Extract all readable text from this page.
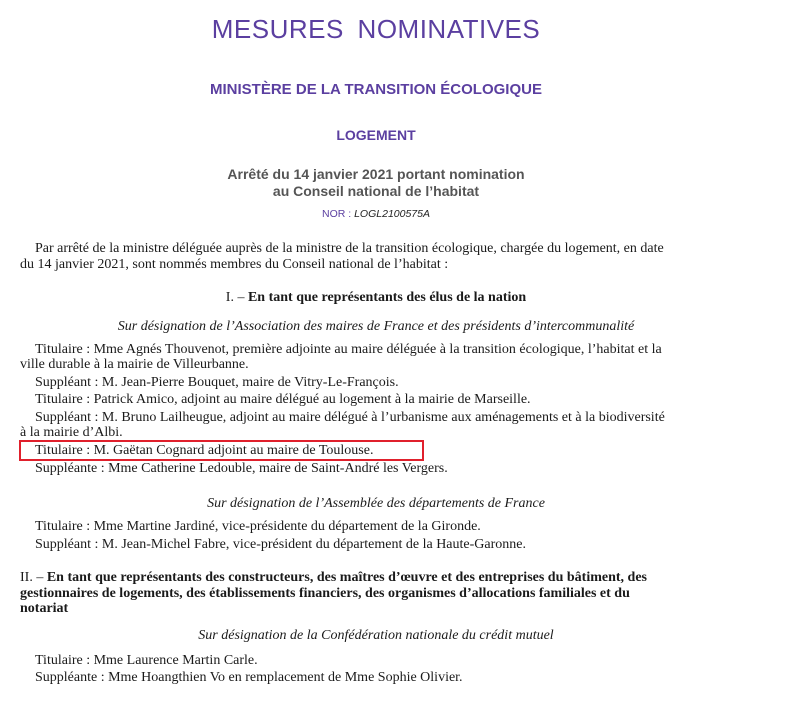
MESURES NOMINATIVES
MINISTÈRE DE LA TRANSITION ÉCOLOGIQUE
LOGEMENT
Arrêté du 14 janvier 2021 portant nomination
au Conseil national de l’habitat
NOR : LOGL2100575A
Par arrêté de la ministre déléguée auprès de la ministre de la transition écologique, chargée du logement, en date
du 14 janvier 2021, sont nommés membres du Conseil national de l’habitat :
I. – En tant que représentants des élus de la nation
Sur désignation de l’Association des maires de France et des présidents d’intercommunalité
Titulaire : Mme Agnés Thouvenot, première adjointe au maire déléguée à la transition écologique, l’habitat et la
ville durable à la mairie de Villeurbanne.
Suppléant : M. Jean-Pierre Bouquet, maire de Vitry-Le-François.
Titulaire : Patrick Amico, adjoint au maire délégué au logement à la mairie de Marseille.
Suppléant : M. Bruno Lailheugue, adjoint au maire délégué à l’urbanisme aux aménagements et à la biodiversité
à la mairie d’Albi.
Titulaire : M. Gaëtan Cognard adjoint au maire de Toulouse.
Suppléante : Mme Catherine Ledouble, maire de Saint-André les Vergers.
Sur désignation de l’Assemblée des départements de France
Titulaire : Mme Martine Jardiné, vice-présidente du département de la Gironde.
Suppléant : M. Jean-Michel Fabre, vice-président du département de la Haute-Garonne.
II. – En tant que représentants des constructeurs, des maîtres d’œuvre et des entreprises du bâtiment, des
gestionnaires de logements, des établissements financiers, des organismes d’allocations familiales et du
notariat
Sur désignation de la Confédération nationale du crédit mutuel
Titulaire : Mme Laurence Martin Carle.
Suppléante : Mme Hoangthien Vo en remplacement de Mme Sophie Olivier.
